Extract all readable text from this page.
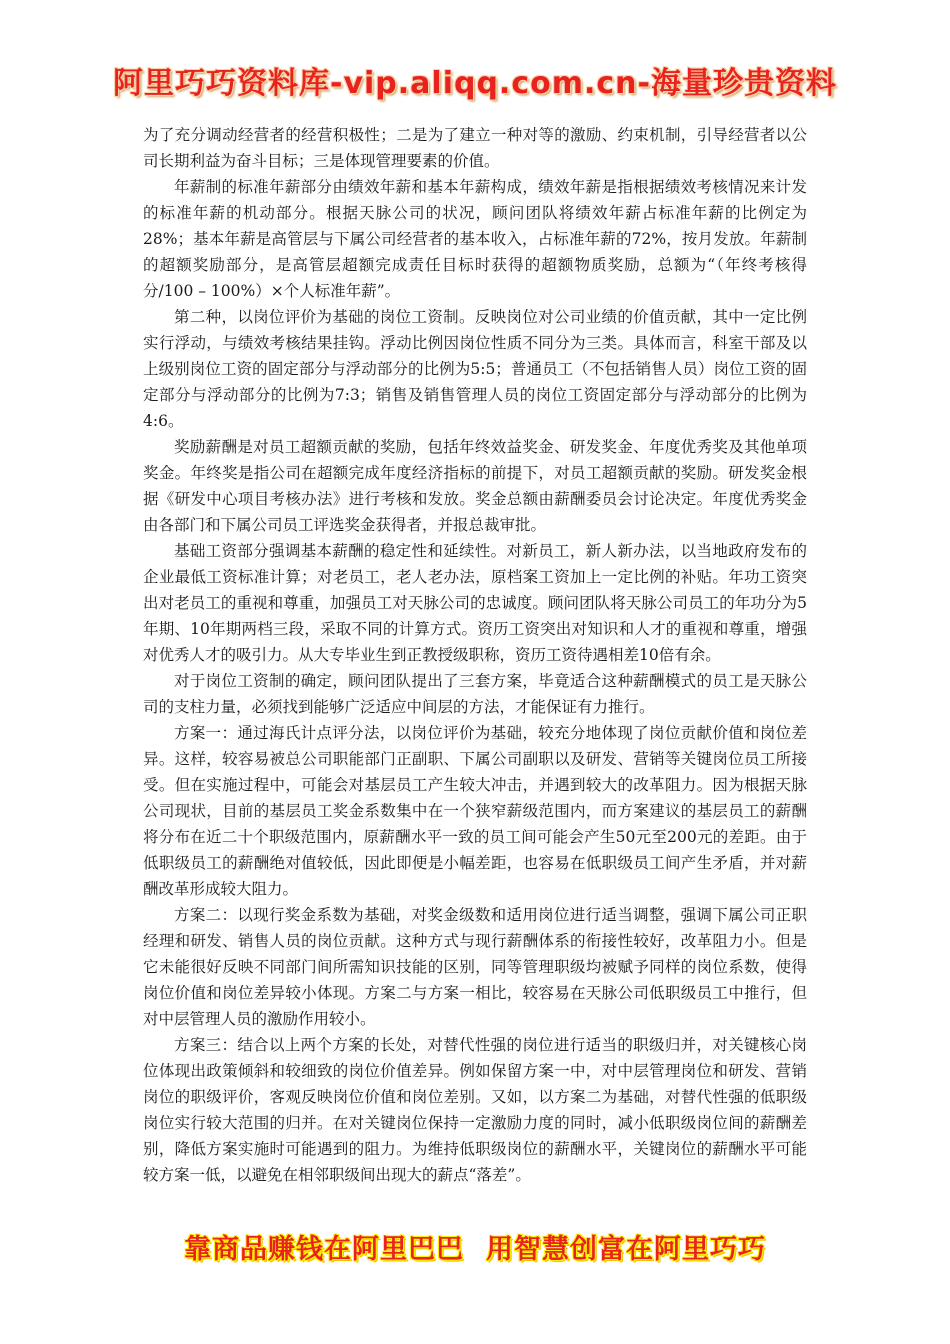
阿里巧巧资料库-vip.aliqq.com.cn-海量珍贵资料

为了充分调动经营者的经营积极性；二是为了建立一种对等的激励、约束机制，引导经营者以公司长期利益为奋斗目标；三是体现管理要素的价值。

年薪制的标准年薪部分由绩效年薪和基本年薪构成，绩效年薪是指根据绩效考核情况来计发的标准年薪的机动部分。根据天脉公司的状况，顾问团队将绩效年薪占标准年薪的比例定为28%；基本年薪是高管层与下属公司经营者的基本收入，占标准年薪的72%，按月发放。年薪制的超额奖励部分，是高管层超额完成责任目标时获得的超额物质奖励，总额为“（年终考核得分/100 – 100%）×个人标准年薪”。

第二种，以岗位评价为基础的岗位工资制。反映岗位对公司业绩的价值贡献，其中一定比例实行浮动，与绩效考核结果挂钩。浮动比例因岗位性质不同分为三类。具体而言，科室干部及以上级别岗位工资的固定部分与浮动部分的比例为5:5；普通员工（不包括销售人员）岗位工资的固定部分与浮动部分的比例为7:3；销售及销售管理人员的岗位工资固定部分与浮动部分的比例为4:6。

奖励薪酬是对员工超额贡献的奖励，包括年终效益奖金、研发奖金、年度优秀奖及其他单项奖金。年终奖是指公司在超额完成年度经济指标的前提下，对员工超额贡献的奖励。研发奖金根据《研发中心项目考核办法》进行考核和发放。奖金总额由薪酬委员会讨论决定。年度优秀奖金由各部门和下属公司员工评选奖金获得者，并报总裁审批。

基础工资部分强调基本薪酬的稳定性和延续性。对新员工，新人新办法，以当地政府发布的企业最低工资标准计算；对老员工，老人老办法，原档案工资加上一定比例的补贴。年功工资突出对老员工的重视和尊重，加强员工对天脉公司的忠诚度。顾问团队将天脉公司员工的年功分为5年期、10年期两档三段，采取不同的计算方式。资历工资突出对知识和人才的重视和尊重，增强对优秀人才的吸引力。从大专毕业生到正教授级职称，资历工资待遇相差10倍有余。

对于岗位工资制的确定，顾问团队提出了三套方案，毕竟适合这种薪酬模式的员工是天脉公司的支柱力量，必须找到能够广泛适应中间层的方法，才能保证有力推行。

方案一：通过海氏计点评分法，以岗位评价为基础，较充分地体现了岗位贡献价值和岗位差异。这样，较容易被总公司职能部门正副职、下属公司副职以及研发、营销等关键岗位员工所接受。但在实施过程中，可能会对基层员工产生较大冲击，并遇到较大的改革阻力。因为根据天脉公司现状，目前的基层员工奖金系数集中在一个狭窄薪级范围内，而方案建议的基层员工的薪酬将分布在近二十个职级范围内，原薪酬水平一致的员工间可能会产生50元至200元的差距。由于低职级员工的薪酬绝对值较低，因此即便是小幅差距，也容易在低职级员工间产生矛盾，并对薪酬改革形成较大阻力。

方案二：以现行奖金系数为基础，对奖金级数和适用岗位进行适当调整，强调下属公司正职经理和研发、销售人员的岗位贡献。这种方式与现行薪酬体系的衔接性较好，改革阻力小。但是它未能很好反映不同部门间所需知识技能的区别，同等管理职级均被赋予同样的岗位系数，使得岗位价值和岗位差异较小体现。方案二与方案一相比，较容易在天脉公司低职级员工中推行，但对中层管理人员的激励作用较小。

方案三：结合以上两个方案的长处，对替代性强的岗位进行适当的职级归并，对关键核心岗位体现出政策倾斜和较细致的岗位价值差异。例如保留方案一中，对中层管理岗位和研发、营销岗位的职级评价，客观反映岗位价值和岗位差别。又如，以方案二为基础，对替代性强的低职级岗位实行较大范围的归并。在对关键岗位保持一定激励力度的同时，减小低职级岗位间的薪酬差别，降低方案实施时可能遇到的阻力。为维持低职级岗位的薪酬水平，关键岗位的薪酬水平可能较方案一低，以避免在相邻职级间出现大的薪点“落差”。

靠商品赚钱在阿里巴巴 用智慧创富在阿里巧巧
